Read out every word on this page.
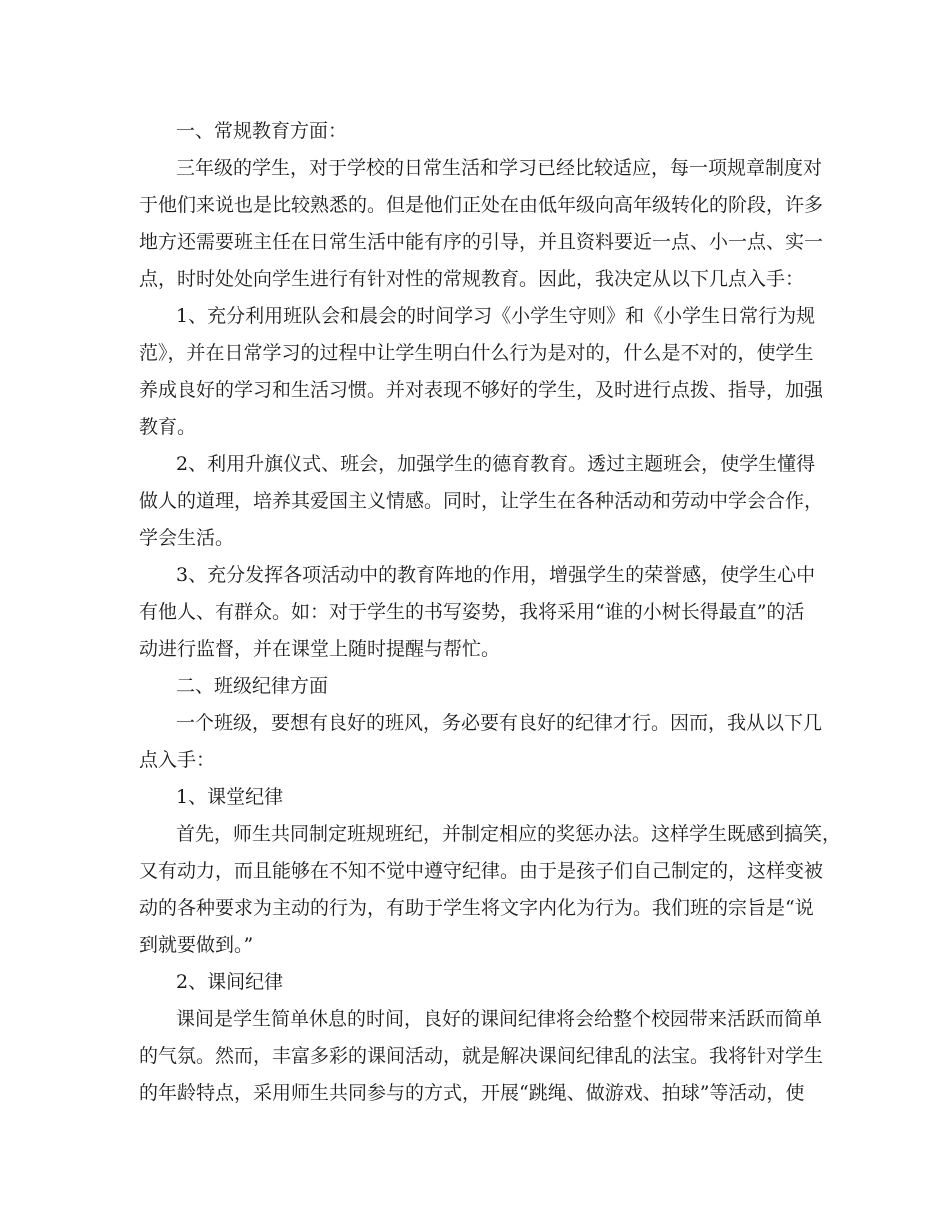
一、常规教育方面：
三年级的学生，对于学校的日常生活和学习已经比较适应，每一项规章制度对
于他们来说也是比较熟悉的。但是他们正处在由低年级向高年级转化的阶段，许多
地方还需要班主任在日常生活中能有序的引导，并且资料要近一点、小一点、实一
点，时时处处向学生进行有针对性的常规教育。因此，我决定从以下几点入手：
1、充分利用班队会和晨会的时间学习《小学生守则》和《小学生日常行为规
范》，并在日常学习的过程中让学生明白什么行为是对的，什么是不对的，使学生
养成良好的学习和生活习惯。并对表现不够好的学生，及时进行点拨、指导，加强
教育。
2、利用升旗仪式、班会，加强学生的德育教育。透过主题班会，使学生懂得
做人的道理，培养其爱国主义情感。同时，让学生在各种活动和劳动中学会合作，
学会生活。
3、充分发挥各项活动中的教育阵地的作用，增强学生的荣誉感，使学生心中
有他人、有群众。如：对于学生的书写姿势，我将采用“谁的小树长得最直”的活
动进行监督，并在课堂上随时提醒与帮忙。
二、班级纪律方面
一个班级，要想有良好的班风，务必要有良好的纪律才行。因而，我从以下几
点入手：
1、课堂纪律
首先，师生共同制定班规班纪，并制定相应的奖惩办法。这样学生既感到搞笑，
又有动力，而且能够在不知不觉中遵守纪律。由于是孩子们自己制定的，这样变被
动的各种要求为主动的行为，有助于学生将文字内化为行为。我们班的宗旨是“说
到就要做到。”
2、课间纪律
课间是学生简单休息的时间，良好的课间纪律将会给整个校园带来活跃而简单
的气氛。然而，丰富多彩的课间活动，就是解决课间纪律乱的法宝。我将针对学生
的年龄特点，采用师生共同参与的方式，开展“跳绳、做游戏、拍球”等活动，使
